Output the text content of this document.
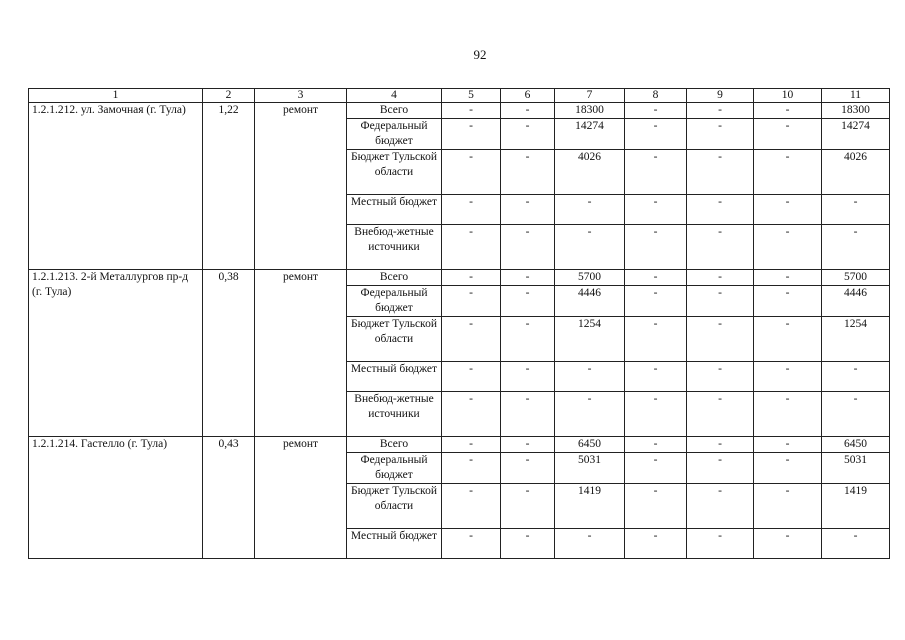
92
1	2	3	4	5	6	7	8	9	10	11
1.2.1.212. ул. Замочная (г. Тула)	1,22	ремонт	Всего	-	-	18300	-	-	-	18300
			Федеральный бюджет	-	-	14274	-	-	-	14274
			Бюджет Тульской области	-	-	4026	-	-	-	4026
			Местный бюджет	-	-	-	-	-	-	-
			Внебюд-жетные источники	-	-	-	-	-	-	-
1.2.1.213. 2-й Металлургов пр-д (г. Тула)	0,38	ремонт	Всего	-	-	5700	-	-	-	5700
			Федеральный бюджет	-	-	4446	-	-	-	4446
			Бюджет Тульской области	-	-	1254	-	-	-	1254
			Местный бюджет	-	-	-	-	-	-	-
			Внебюд-жетные источники	-	-	-	-	-	-	-
1.2.1.214. Гастелло (г. Тула)	0,43	ремонт	Всего	-	-	6450	-	-	-	6450
			Федеральный бюджет	-	-	5031	-	-	-	5031
			Бюджет Тульской области	-	-	1419	-	-	-	1419
			Местный бюджет	-	-	-	-	-	-	-
